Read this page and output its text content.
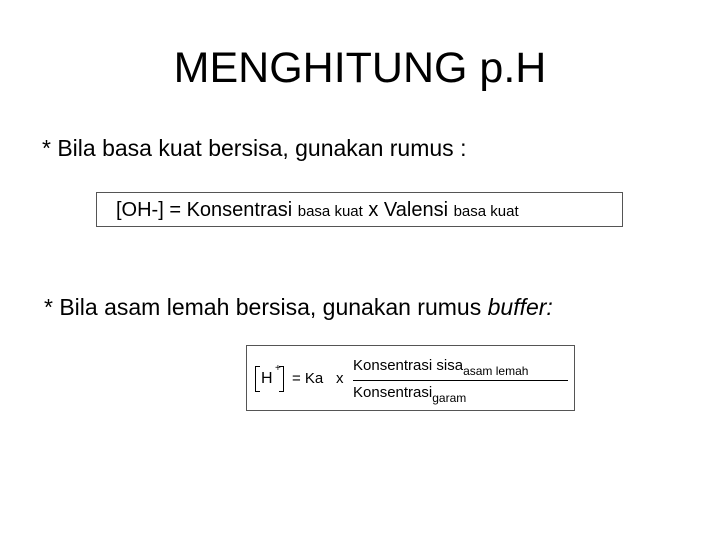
MENGHITUNG p.H
* Bila basa kuat bersisa, gunakan rumus :
[OH-] = Konsentrasi basa kuat x Valensi basa kuat
* Bila asam lemah bersisa, gunakan rumus buffer:
H
+
= Ka x
Konsentrasi sisa$_{asam lemah}$
Konsentrasi$_{garam}$
